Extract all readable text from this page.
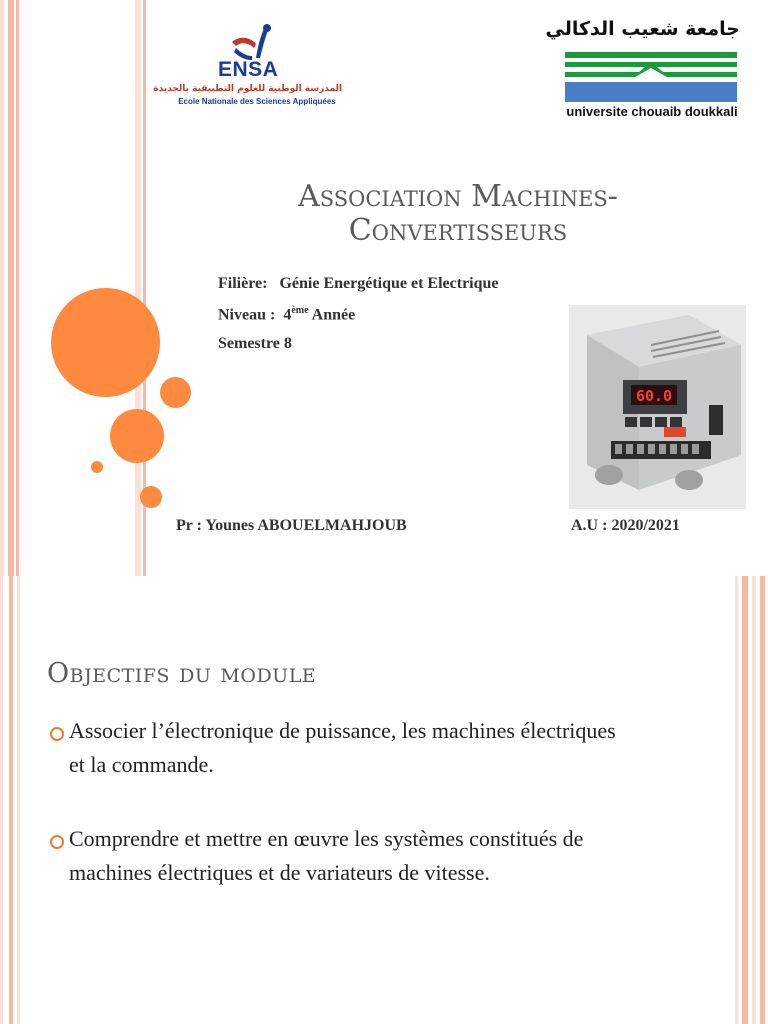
ENSA
المدرسة الوطنية للعلوم التطبيقية بالجديدة
Ecole Nationale des Sciences Appliquées
جامعة شعيب الدكالي
universite chouaib doukkali
Association Machines-
Convertisseurs
Filière: Génie Energétique et Electrique
Niveau : 4ème Année
Semestre 8
60.0
Pr : Younes ABOUELMAHJOUB	A.U : 2020/2021
Objectifs du module
Associer l’électronique de puissance, les machines électriques et la commande.
Comprendre et mettre en œuvre les systèmes constitués de machines électriques et de variateurs de vitesse.
